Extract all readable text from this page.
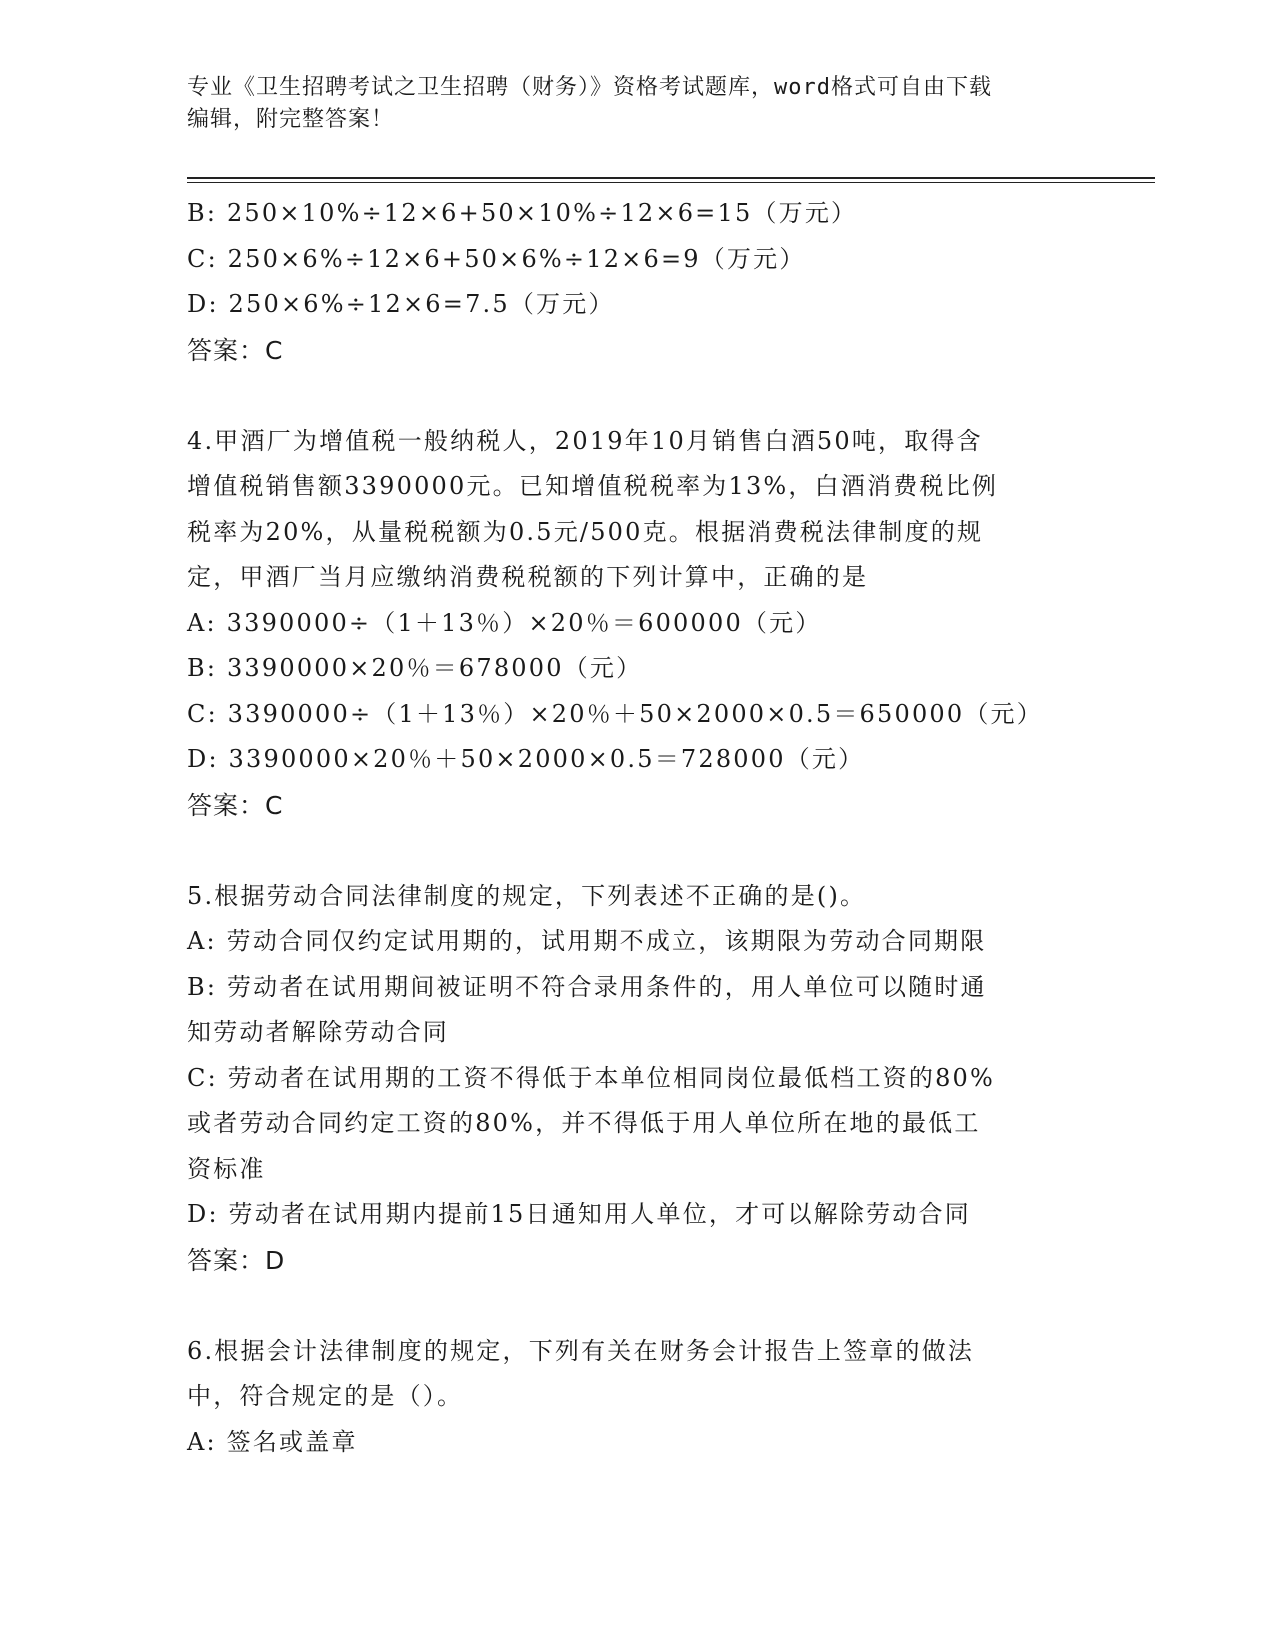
专业《卫生招聘考试之卫生招聘（财务）》资格考试题库，word格式可自由下载
编辑，附完整答案！
B: 250×10%÷12×6+50×10%÷12×6=15（万元）
C: 250×6%÷12×6+50×6%÷12×6=9（万元）
D: 250×6%÷12×6=7.5（万元）
答案：C
4.甲酒厂为增值税一般纳税人，2019年10月销售白酒50吨，取得含
增值税销售额3390000元。已知增值税税率为13%，白酒消费税比例
税率为20%，从量税税额为0.5元/500克。根据消费税法律制度的规
定，甲酒厂当月应缴纳消费税税额的下列计算中，正确的是
A: 3390000÷（1＋13％）×20％＝600000（元）
B: 3390000×20％＝678000（元）
C: 3390000÷（1＋13％）×20％＋50×2000×0.5＝650000（元）
D: 3390000×20％＋50×2000×0.5＝728000（元）
答案：C
5.根据劳动合同法律制度的规定，下列表述不正确的是()。
A: 劳动合同仅约定试用期的，试用期不成立，该期限为劳动合同期限
B: 劳动者在试用期间被证明不符合录用条件的，用人单位可以随时通
知劳动者解除劳动合同
C: 劳动者在试用期的工资不得低于本单位相同岗位最低档工资的80%
或者劳动合同约定工资的80%，并不得低于用人单位所在地的最低工
资标准
D: 劳动者在试用期内提前15日通知用人单位，才可以解除劳动合同
答案：D
6.根据会计法律制度的规定，下列有关在财务会计报告上签章的做法
中，符合规定的是（）。
A: 签名或盖章
